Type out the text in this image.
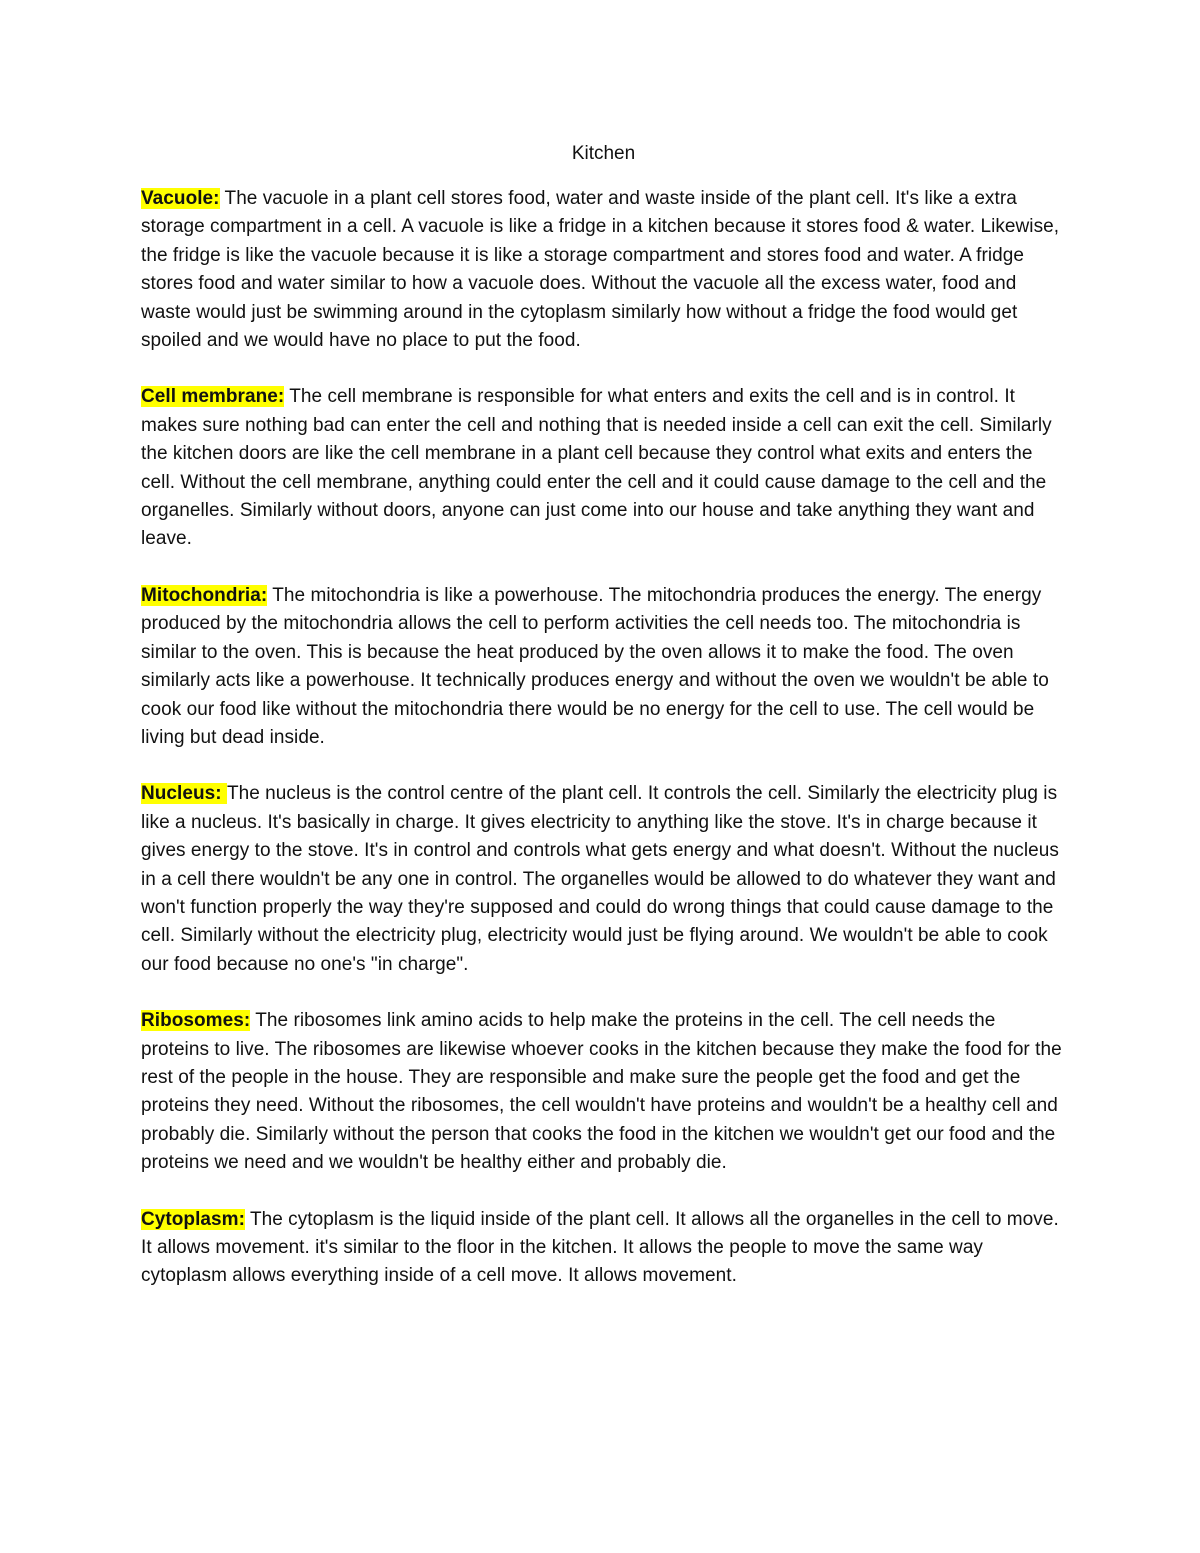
Kitchen

Vacuole: The vacuole in a plant cell stores food, water and waste inside of the plant cell. It's like a extra storage compartment in a cell. A vacuole is like a fridge in a kitchen because it stores food & water. Likewise, the fridge is like the vacuole because it is like a storage compartment and stores food and water. A fridge stores food and water similar to how a vacuole does. Without the vacuole all the excess water, food and waste would just be swimming around in the cytoplasm similarly how without a fridge the food would get spoiled and we would have no place to put the food.

Cell membrane: The cell membrane is responsible for what enters and exits the cell and is in control. It makes sure nothing bad can enter the cell and nothing that is needed inside a cell can exit the cell. Similarly the kitchen doors are like the cell membrane in a plant cell because they control what exits and enters the cell. Without the cell membrane, anything could enter the cell and it could cause damage to the cell and the organelles. Similarly without doors, anyone can just come into our house and take anything they want and leave.

Mitochondria: The mitochondria is like a powerhouse. The mitochondria produces the energy. The energy produced by the mitochondria allows the cell to perform activities the cell needs too. The mitochondria is similar to the oven. This is because the heat produced by the oven allows it to make the food. The oven similarly acts like a powerhouse. It technically produces energy and without the oven we wouldn't be able to cook our food like without the mitochondria there would be no energy for the cell to use. The cell would be living but dead inside.

Nucleus: The nucleus is the control centre of the plant cell. It controls the cell. Similarly the electricity plug is like a nucleus. It's basically in charge. It gives electricity to anything like the stove. It's in charge because it gives energy to the stove. It's in control and controls what gets energy and what doesn't. Without the nucleus in a cell there wouldn't be any one in control. The organelles would be allowed to do whatever they want and won't function properly the way they're supposed and could do wrong things that could cause damage to the cell. Similarly without the electricity plug, electricity would just be flying around. We wouldn't be able to cook our food because no one's "in charge".

Ribosomes: The ribosomes link amino acids to help make the proteins in the cell. The cell needs the proteins to live. The ribosomes are likewise whoever cooks in the kitchen because they make the food for the rest of the people in the house. They are responsible and make sure the people get the food and get the proteins they need. Without the ribosomes, the cell wouldn't have proteins and wouldn't be a healthy cell and probably die. Similarly without the person that cooks the food in the kitchen we wouldn't get our food and the proteins we need and we wouldn't be healthy either and probably die.

Cytoplasm: The cytoplasm is the liquid inside of the plant cell. It allows all the organelles in the cell to move. It allows movement. it's similar to the floor in the kitchen. It allows the people to move the same way cytoplasm allows everything inside of a cell move. It allows movement.
